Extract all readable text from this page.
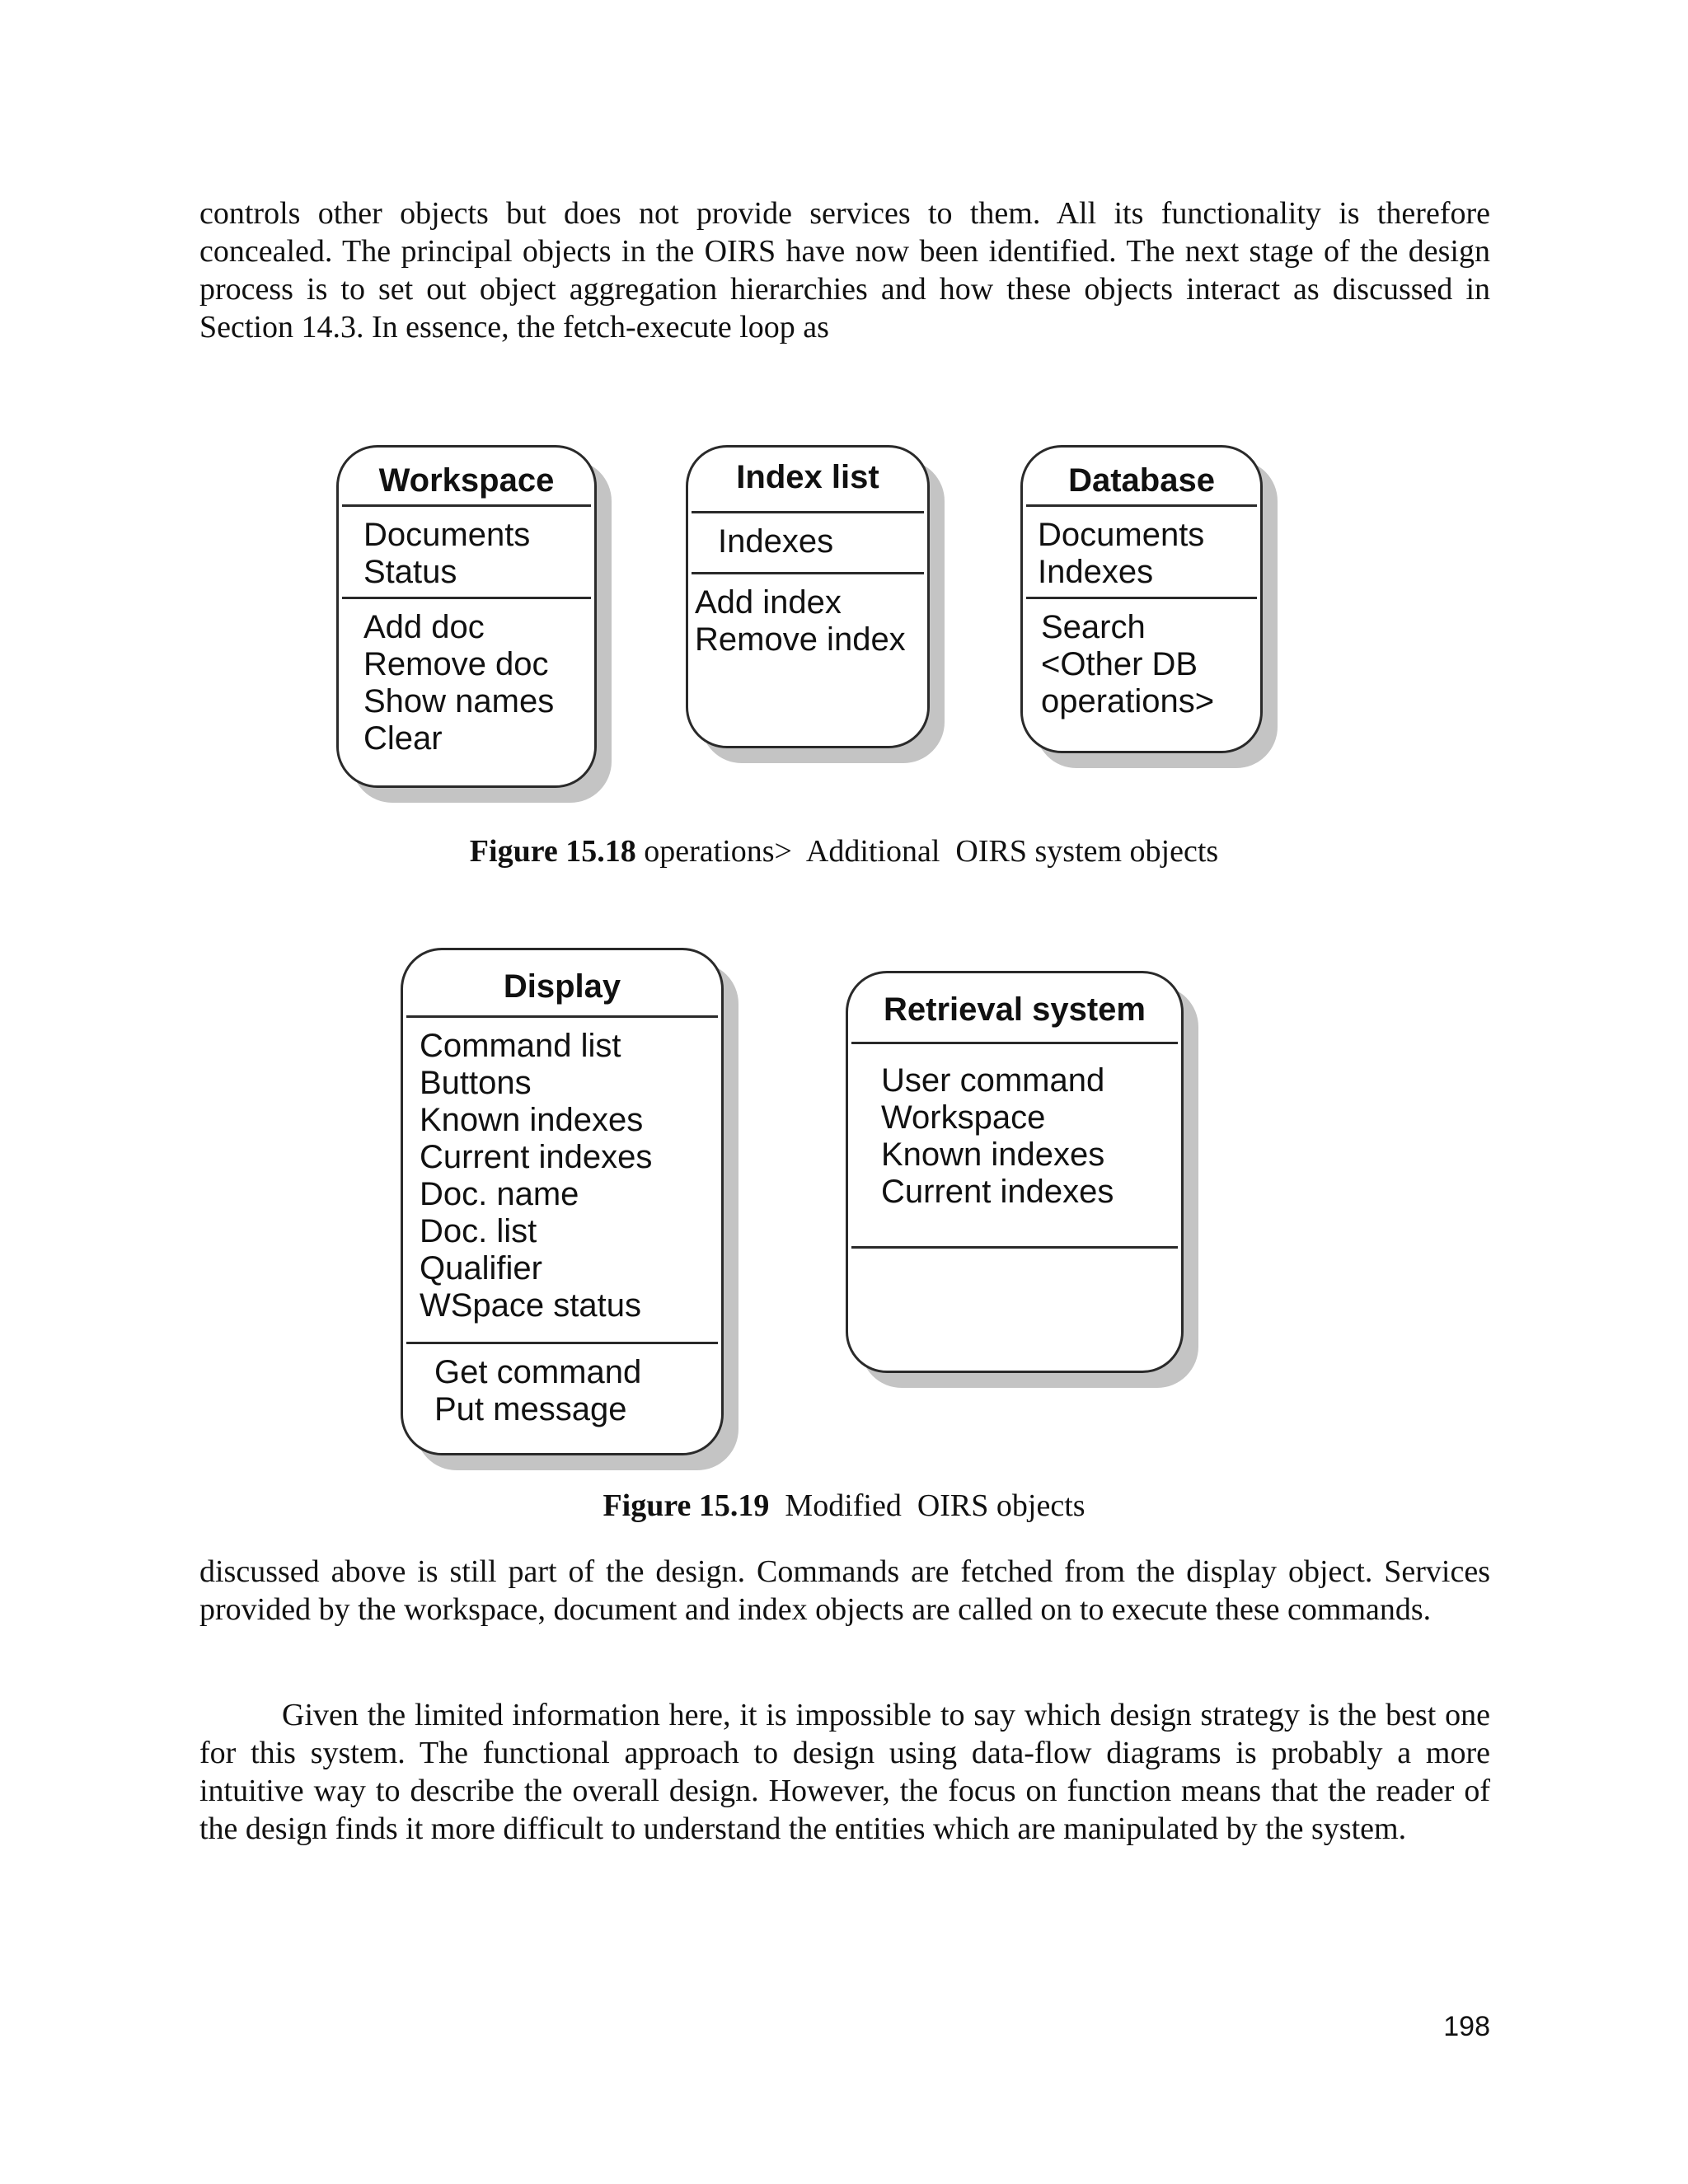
controls other objects but does not provide services to them. All its functionality is therefore concealed. The principal objects in the OIRS have now been identified. The next stage of the design process is to set out object aggregation hierarchies and how these objects interact as discussed in Section 14.3. In essence, the fetch-execute loop as

Workspace
Documents
Status
Add doc
Remove doc
Show names
Clear
Index list
Indexes
Add index
Remove index
Database
Documents
Indexes
Search
<Other DB
operations>
Figure 15.18 operations>  Additional  OIRS system objects
Display
Command list
Buttons
Known indexes
Current indexes
Doc. name
Doc. list
Qualifier
WSpace status
Get command
Put message
Retrieval system
User command
Workspace
Known indexes
Current indexes
Figure 15.19  Modified  OIRS objects

discussed above is still part of the design. Commands are fetched from the display object. Services provided by the workspace, document and index objects are called on to execute these commands.

Given the limited information here, it is impossible to say which design strategy is the best one for this system. The functional approach to design using data-flow diagrams is probably a more intuitive way to describe the overall design. However, the focus on function means that the reader of the design finds it more difficult to understand the entities which are manipulated by the system.

198
